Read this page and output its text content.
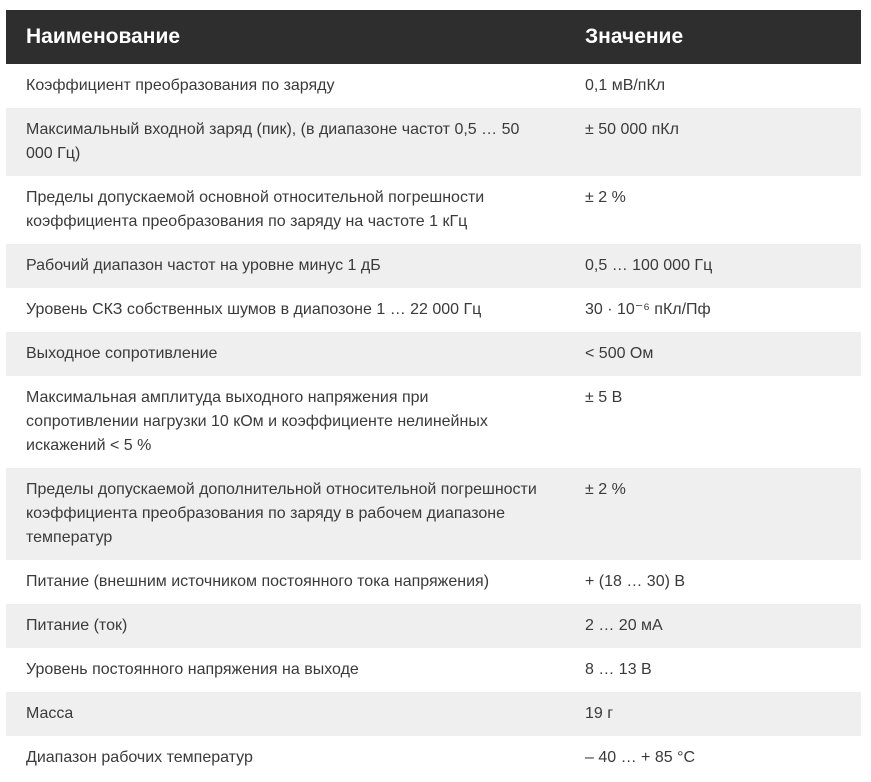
Наименование	Значение
Коэффициент преобразования по заряду	0,1 мВ/пКл
Максимальный входной заряд (пик), (в диапазоне частот 0,5 … 50 000 Гц)	± 50 000 пКл
Пределы допускаемой основной относительной погрешности коэффициента преобразования по заряду на частоте 1 кГц	± 2 %
Рабочий диапазон частот на уровне минус 1 дБ	0,5 … 100 000 Гц
Уровень СКЗ собственных шумов в диапозоне 1 … 22 000 Гц	30 · 10⁻⁶ пКл/Пф
Выходное сопротивление	< 500 Ом
Максимальная амплитуда выходного напряжения при сопротивлении нагрузки 10 кОм и коэффициенте нелинейных искажений < 5 %	± 5 В
Пределы допускаемой дополнительной относительной погрешности коэффициента преобразования по заряду в рабочем диапазоне температур	± 2 %
Питание (внешним источником постоянного тока напряжения)	+ (18 … 30) В
Питание (ток)	2 … 20 мА
Уровень постоянного напряжения на выходе	8 … 13 В
Масса	19 г
Диапазон рабочих температур	– 40 … + 85 °С
